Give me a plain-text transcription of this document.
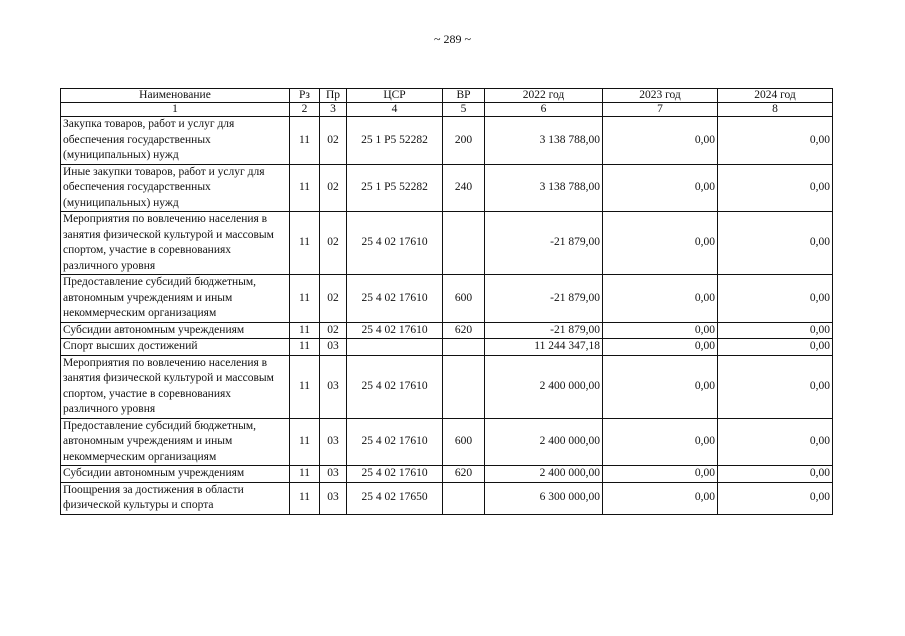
~ 289 ~
Наименование	Рз	Пр	ЦСР	ВР	2022 год	2023 год	2024 год
1	2	3	4	5	6	7	8
Закупка товаров, работ и услуг для обеспечения государственных (муниципальных) нужд	11	02	25 1 P5 52282	200	3 138 788,00	0,00	0,00
Иные закупки товаров, работ и услуг для обеспечения государственных (муниципальных) нужд	11	02	25 1 P5 52282	240	3 138 788,00	0,00	0,00
Мероприятия по вовлечению населения в занятия физической культурой и массовым спортом, участие в соревнованиях различного уровня	11	02	25 4 02 17610		-21 879,00	0,00	0,00
Предоставление субсидий бюджетным, автономным учреждениям и иным некоммерческим организациям	11	02	25 4 02 17610	600	-21 879,00	0,00	0,00
Субсидии автономным учреждениям	11	02	25 4 02 17610	620	-21 879,00	0,00	0,00
Спорт высших достижений	11	03			11 244 347,18	0,00	0,00
Мероприятия по вовлечению населения в занятия физической культурой и массовым спортом, участие в соревнованиях различного уровня	11	03	25 4 02 17610		2 400 000,00	0,00	0,00
Предоставление субсидий бюджетным, автономным учреждениям и иным некоммерческим организациям	11	03	25 4 02 17610	600	2 400 000,00	0,00	0,00
Субсидии автономным учреждениям	11	03	25 4 02 17610	620	2 400 000,00	0,00	0,00
Поощрения за достижения в области физической культуры и спорта	11	03	25 4 02 17650		6 300 000,00	0,00	0,00
